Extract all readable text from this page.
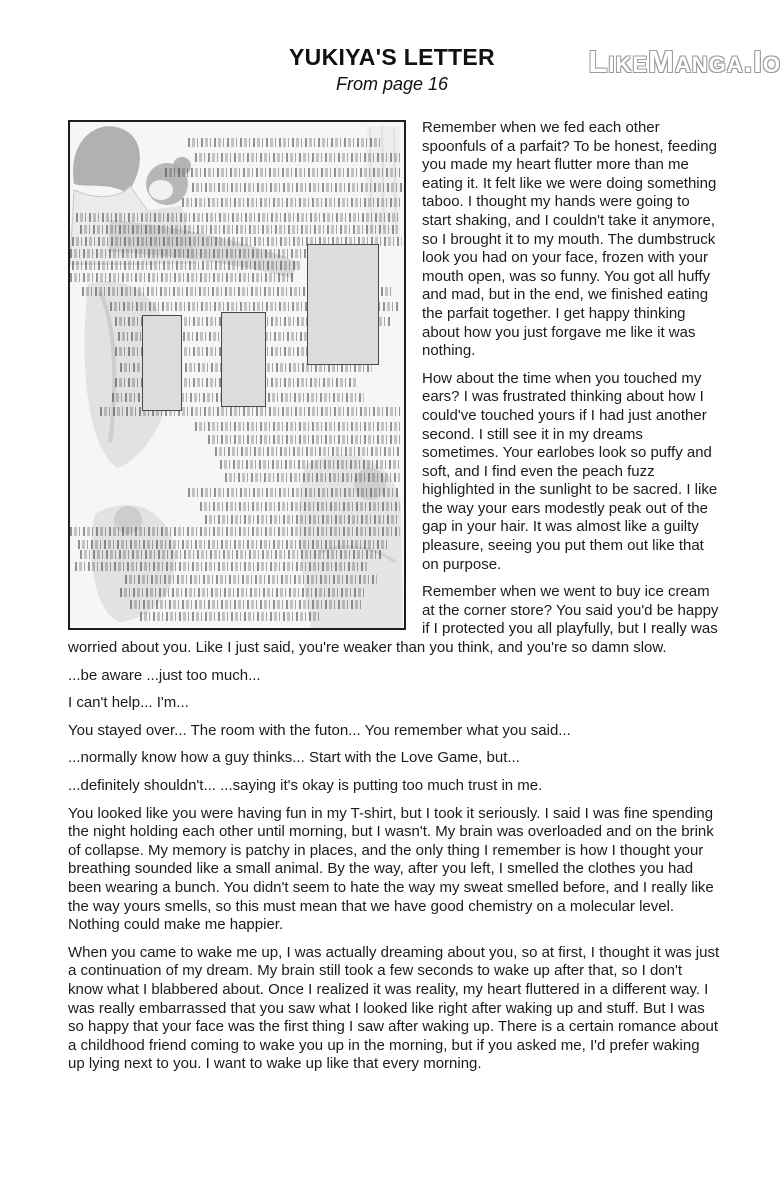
LikeManga.Io
YUKIYA'S LETTER
From page 16

Remember when we fed each other spoonfuls of a parfait? To be honest, feeding you made my heart flutter more than me eating it. It felt like we were doing something taboo. I thought my hands were going to start shaking, and I couldn't take it anymore, so I brought it to my mouth. The dumbstruck look you had on your face, frozen with your mouth open, was so funny. You got all huffy and mad, but in the end, we finished eating the parfait together. I get happy thinking about how you just forgave me like it was nothing.

How about the time when you touched my ears? I was frustrated thinking about how I could've touched yours if I had just another second. I still see it in my dreams sometimes. Your earlobes look so puffy and soft, and I find even the peach fuzz highlighted in the sunlight to be sacred. I like the way your ears modestly peak out of the gap in your hair. It was almost like a guilty pleasure, seeing you put them out like that on purpose.

Remember when we went to buy ice cream at the corner store? You said you'd be happy if I protected you all playfully, but I really was worried about you. Like I just said, you're weaker than you think, and you're so damn slow.

...be aware ...just too much...

I can't help... I'm...

You stayed over... The room with the futon... You remember what you said...

...normally know how a guy thinks... Start with the Love Game, but...

...definitely shouldn't... ...saying it's okay is putting too much trust in me.

You looked like you were having fun in my T-shirt, but I took it seriously. I said I was fine spending the night holding each other until morning, but I wasn't. My brain was overloaded and on the brink of collapse. My memory is patchy in places, and the only thing I remember is how I thought your breathing sounded like a small animal. By the way, after you left, I smelled the clothes you had been wearing a bunch. You didn't seem to hate the way my sweat smelled before, and I really like the way yours smells, so this must mean that we have good chemistry on a molecular level. Nothing could make me happier.

When you came to wake me up, I was actually dreaming about you, so at first, I thought it was just a continuation of my dream. My brain still took a few seconds to wake up after that, so I don't know what I blabbered about. Once I realized it was reality, my heart fluttered in a different way. I was really embarrassed that you saw what I looked like right after waking up and stuff. But I was so happy that your face was the first thing I saw after waking up. There is a certain romance about a childhood friend coming to wake you up in the morning, but if you asked me, I'd prefer waking up lying next to you. I want to wake up like that every morning.
